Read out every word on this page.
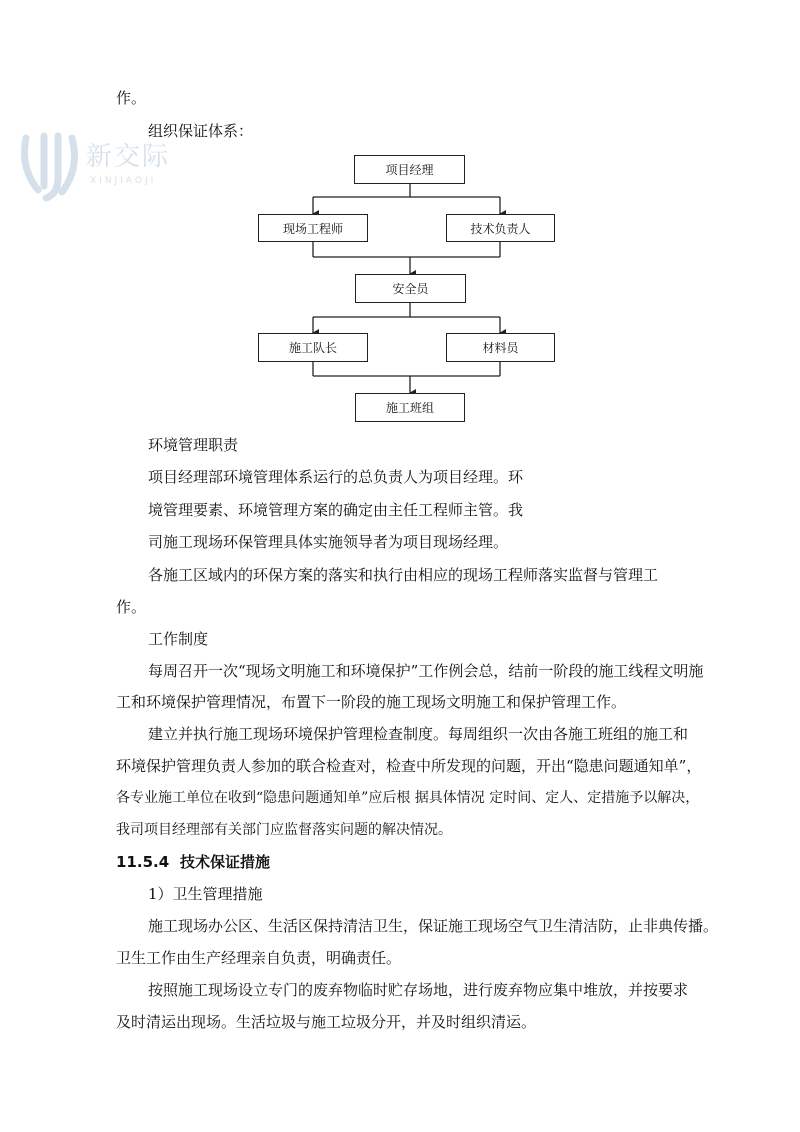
新交际
XINJIAOJI
作。
组织保证体系：
项目经理
现场工程师	技术负责人
安全员
施工队长	材料员
施工班组
环境管理职责
项目经理部环境管理体系运行的总负责人为项目经理。环
境管理要素、环境管理方案的确定由主任工程师主管。我
司施工现场环保管理具体实施领导者为项目现场经理。
各施工区域内的环保方案的落实和执行由相应的现场工程师落实监督与管理工
作。
工作制度
每周召开一次“现场文明施工和环境保护”工作例会总，结前一阶段的施工线程文明施
工和环境保护管理情况，布置下一阶段的施工现场文明施工和保护管理工作。
建立并执行施工现场环境保护管理检查制度。每周组织一次由各施工班组的施工和
环境保护管理负责人参加的联合检查对，检查中所发现的问题，开出“隐患问题通知单”，
各专业施工单位在收到“隐患问题通知单”应后根 据具体情况 定时间、定人、定措施予以解决，
我司项目经理部有关部门应监督落实问题的解决情况。
11.5.4 技术保证措施
1）卫生管理措施
施工现场办公区、生活区保持清洁卫生，保证施工现场空气卫生清洁防，止非典传播。
卫生工作由生产经理亲自负责，明确责任。
按照施工现场设立专门的废弃物临时贮存场地，进行废弃物应集中堆放，并按要求
及时清运出现场。生活垃圾与施工垃圾分开，并及时组织清运。
